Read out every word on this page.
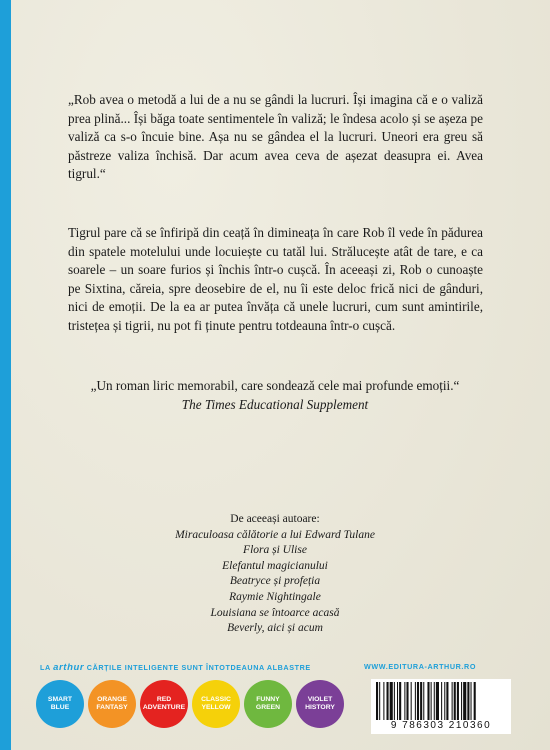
„Rob avea o metodă a lui de a nu se gândi la lucruri. Își imagina că e o valiză prea plină... Își băga toate sentimentele în valiză; le îndesa acolo și se așeza pe valiză ca s-o încuie bine. Așa nu se gândea el la lucruri. Uneori era greu să păstreze valiza închisă. Dar acum avea ceva de așezat deasupra ei. Avea tigrul.“

Tigrul pare că se înfiripă din ceață în dimineața în care Rob îl vede în pădurea din spatele motelului unde locuiește cu tatăl lui. Strălucește atât de tare, e ca soarele – un soare furios și închis într-o cușcă. În aceeași zi, Rob o cunoaște pe Sixtina, căreia, spre deosebire de el, nu îi este deloc frică nici de gânduri, nici de emoții. De la ea ar putea învăța că unele lucruri, cum sunt amintirile, tristețea și tigrii, nu pot fi ținute pentru totdeauna într-o cușcă.

„Un roman liric memorabil, care sondează cele mai profunde emoții.“
The Times Educational Supplement
De aceeași autoare:
Miraculoasa călătorie a lui Edward Tulane
Flora și Ulise
Elefantul magicianului
Beatryce și profeția
Raymie Nightingale
Louisiana se întoarce acasă
Beverly, aici și acum
LA arthur CĂRȚILE INTELIGENTE SUNT ÎNTOTDEAUNA ALBASTRE	WWW.EDITURA-ARTHUR.RO
SMART
BLUE
ORANGE
FANTASY
RED
ADVENTURE
CLASSIC
YELLOW
FUNNY
GREEN
VIOLET
HISTORY
9 786303 210360
